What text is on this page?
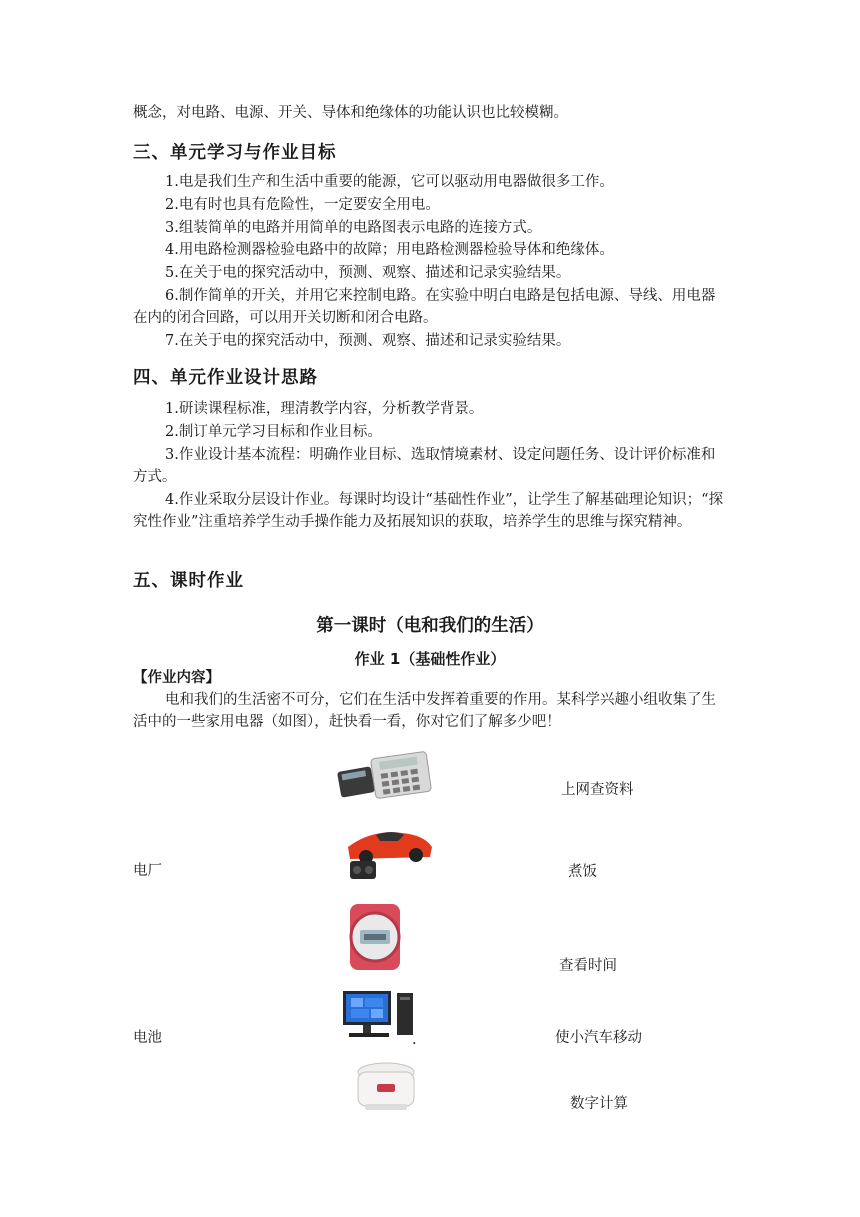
概念，对电路、电源、开关、导体和绝缘体的功能认识也比较模糊。

三、单元学习与作业目标

1.电是我们生产和生活中重要的能源，它可以驱动用电器做很多工作。

2.电有时也具有危险性，一定要安全用电。

3.组装简单的电路并用简单的电路图表示电路的连接方式。

4.用电路检测器检验电路中的故障；用电路检测器检验导体和绝缘体。

5.在关于电的探究活动中，预测、观察、描述和记录实验结果。

6.制作简单的开关，并用它来控制电路。在实验中明白电路是包括电源、导线、用电器在内的闭合回路，可以用开关切断和闭合电路。

7.在关于电的探究活动中，预测、观察、描述和记录实验结果。

四、单元作业设计思路

1.研读课程标准，理清教学内容，分析教学背景。

2.制订单元学习目标和作业目标。

3.作业设计基本流程：明确作业目标、选取情境素材、设定问题任务、设计评价标准和方式。

4.作业采取分层设计作业。每课时均设计“基础性作业”，让学生了解基础理论知识；“探究性作业”注重培养学生动手操作能力及拓展知识的获取，培养学生的思维与探究精神。

五、课时作业
第一课时（电和我们的生活）
作业 1（基础性作业）

【作业内容】

电和我们的生活密不可分，它们在生活中发挥着重要的作用。某科学兴趣小组收集了生活中的一些家用电器（如图），赶快看一看，你对它们了解多少吧！

电厂
电池
上网查资料
煮饭
查看时间
使小汽车移动
数字计算
.
